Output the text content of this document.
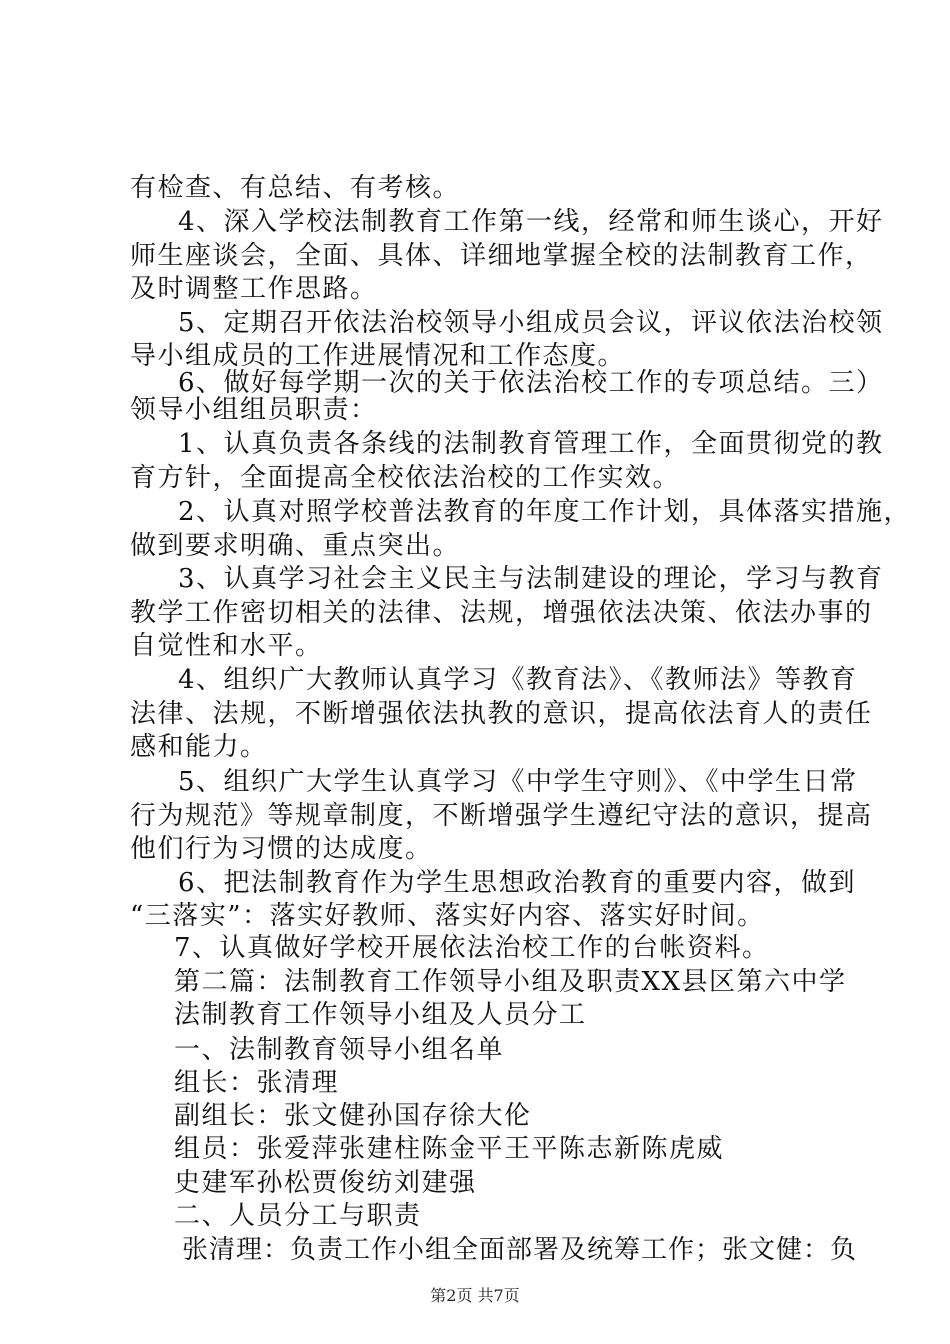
有检查、有总结、有考核。
4、深入学校法制教育工作第一线，经常和师生谈心，开好
师生座谈会，全面、具体、详细地掌握全校的法制教育工作，
及时调整工作思路。
5、定期召开依法治校领导小组成员会议，评议依法治校领
导小组成员的工作进展情况和工作态度。
6、做好每学期一次的关于依法治校工作的专项总结。三）
领导小组组员职责：
1、认真负责各条线的法制教育管理工作，全面贯彻党的教
育方针，全面提高全校依法治校的工作实效。
2、认真对照学校普法教育的年度工作计划，具体落实措施，
做到要求明确、重点突出。
3、认真学习社会主义民主与法制建设的理论，学习与教育
教学工作密切相关的法律、法规，增强依法决策、依法办事的
自觉性和水平。
4、组织广大教师认真学习《教育法》、《教师法》等教育
法律、法规，不断增强依法执教的意识，提高依法育人的责任
感和能力。
5、组织广大学生认真学习《中学生守则》、《中学生日常
行为规范》等规章制度，不断增强学生遵纪守法的意识，提高
他们行为习惯的达成度。
6、把法制教育作为学生思想政治教育的重要内容，做到
“三落实”：落实好教师、落实好内容、落实好时间。
7、认真做好学校开展依法治校工作的台帐资料。
第二篇：法制教育工作领导小组及职责XX县区第六中学
法制教育工作领导小组及人员分工
一、法制教育领导小组名单
组长：张清理
副组长：张文健孙国存徐大伦
组员：张爱萍张建柱陈金平王平陈志新陈虎威
史建军孙松贾俊纺刘建强
二、人员分工与职责
张清理：负责工作小组全面部署及统筹工作；张文健：负
第2页 共7页
